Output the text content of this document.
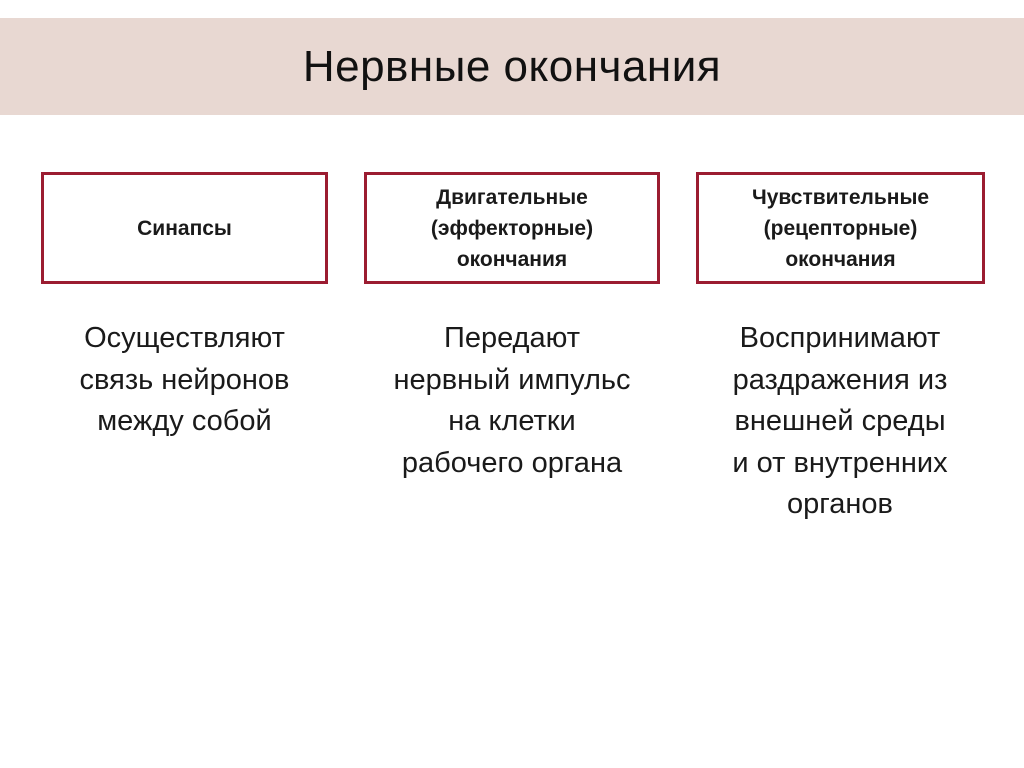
Нервные окончания
Синапсы
Осуществляют
связь нейронов
между собой
Двигательные
(эффекторные)
окончания
Передают
нервный импульс
на клетки
рабочего органа
Чувствительные
(рецепторные)
окончания
Воспринимают
раздражения из
внешней среды
и от внутренних
органов
